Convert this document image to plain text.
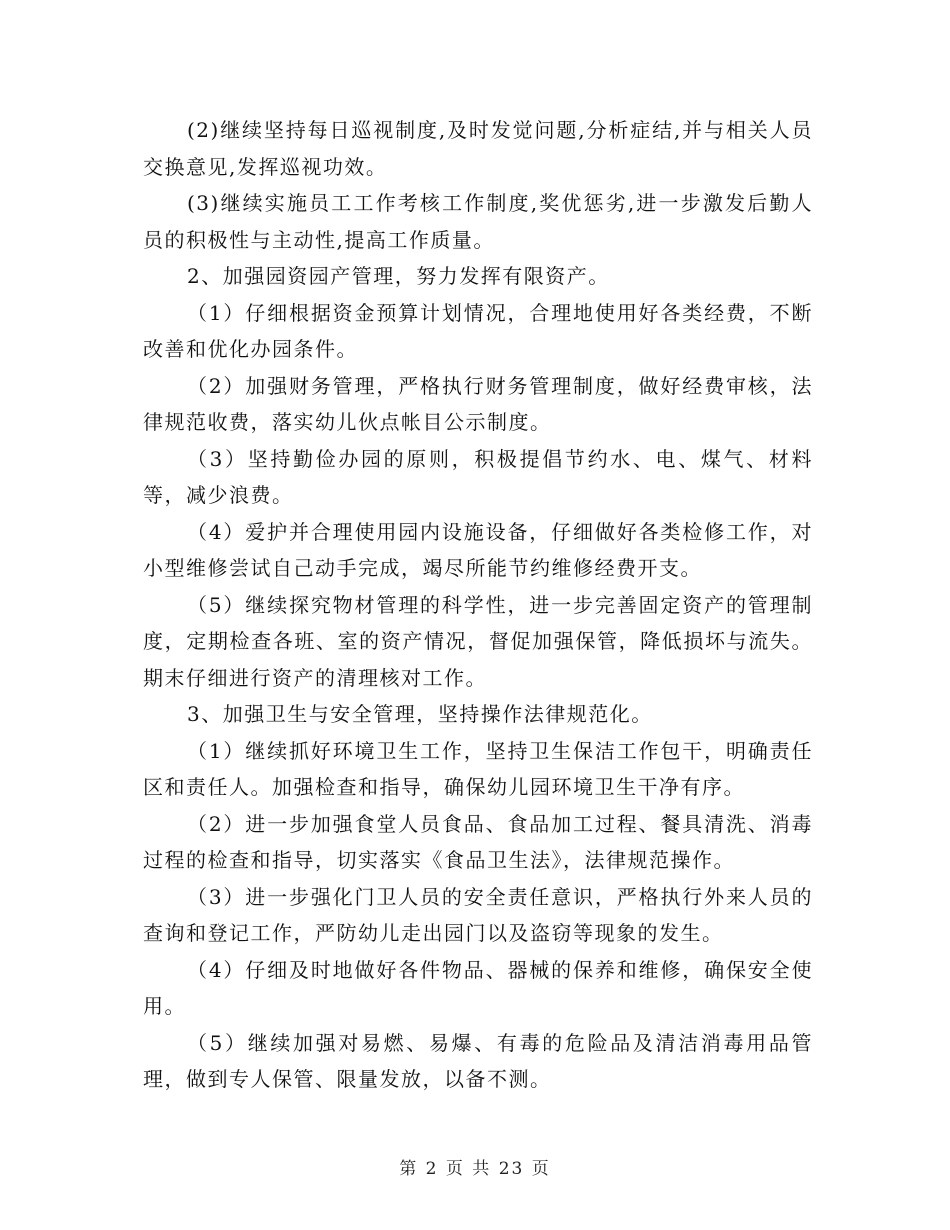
(2)继续坚持每日巡视制度,及时发觉问题,分析症结,并与相关人员交换意见,发挥巡视功效。

(3)继续实施员工工作考核工作制度,奖优惩劣,进一步激发后勤人员的积极性与主动性,提高工作质量。

2、加强园资园产管理，努力发挥有限资产。

（1）仔细根据资金预算计划情况，合理地使用好各类经费，不断改善和优化办园条件。

（2）加强财务管理，严格执行财务管理制度，做好经费审核，法律规范收费，落实幼儿伙点帐目公示制度。

（3）坚持勤俭办园的原则，积极提倡节约水、电、煤气、材料等，减少浪费。

（4）爱护并合理使用园内设施设备，仔细做好各类检修工作，对小型维修尝试自己动手完成，竭尽所能节约维修经费开支。

（5）继续探究物材管理的科学性，进一步完善固定资产的管理制度，定期检查各班、室的资产情况，督促加强保管，降低损坏与流失。期末仔细进行资产的清理核对工作。

3、加强卫生与安全管理，坚持操作法律规范化。

（1）继续抓好环境卫生工作，坚持卫生保洁工作包干，明确责任区和责任人。加强检查和指导，确保幼儿园环境卫生干净有序。

（2）进一步加强食堂人员食品、食品加工过程、餐具清洗、消毒过程的检查和指导，切实落实《食品卫生法》，法律规范操作。

（3）进一步强化门卫人员的安全责任意识，严格执行外来人员的查询和登记工作，严防幼儿走出园门以及盗窃等现象的发生。

（4）仔细及时地做好各件物品、器械的保养和维修，确保安全使用。

（5）继续加强对易燃、易爆、有毒的危险品及清洁消毒用品管理，做到专人保管、限量发放，以备不测。

第 2 页 共 23 页
